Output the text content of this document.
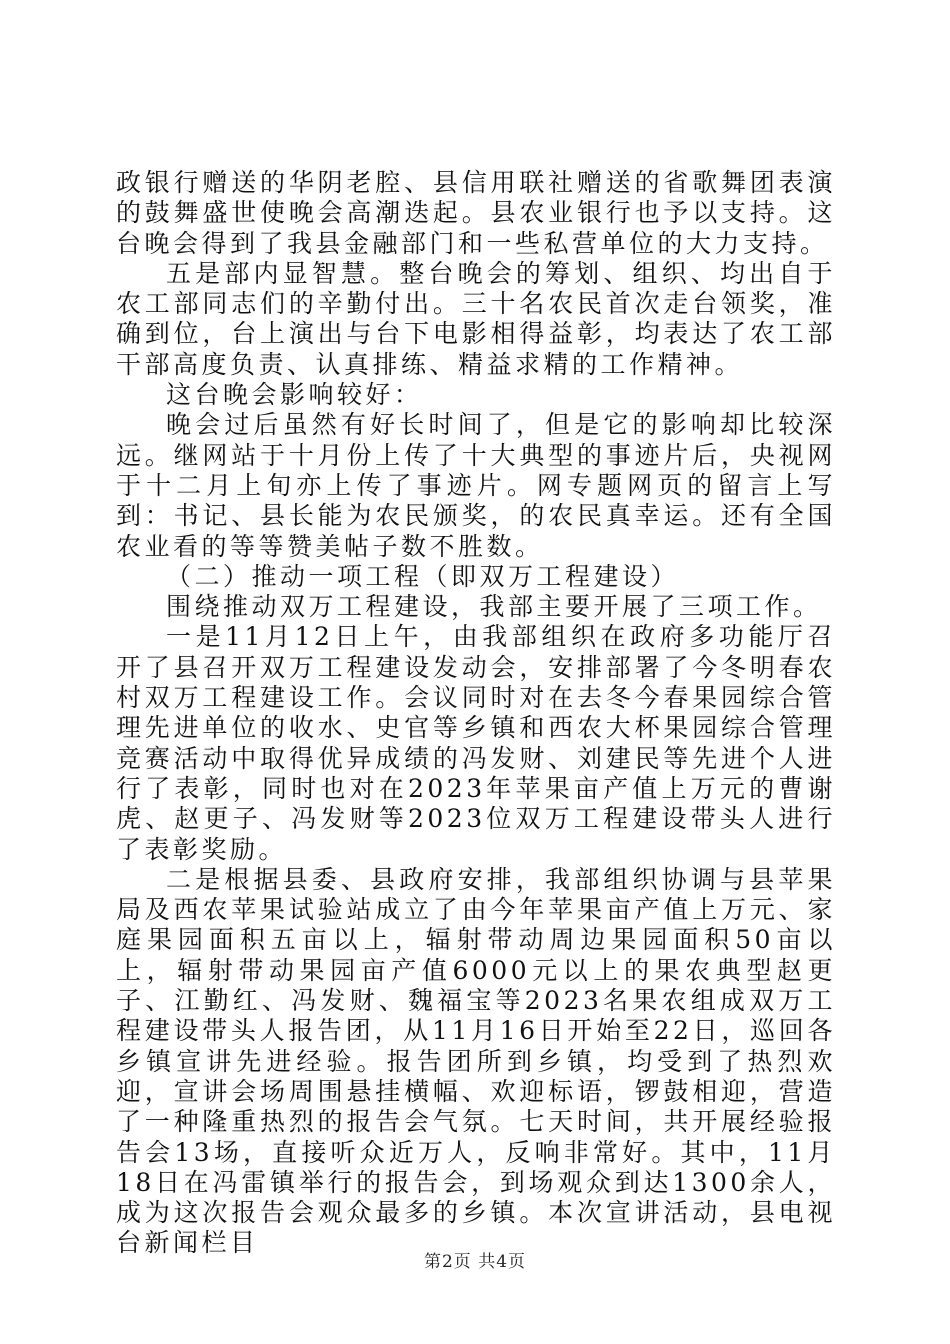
政银行赠送的华阴老腔、县信用联社赠送的省歌舞团表演的鼓舞盛世使晚会高潮迭起。县农业银行也予以支持。这台晚会得到了我县金融部门和一些私营单位的大力支持。

五是部内显智慧。整台晚会的筹划、组织、均出自于农工部同志们的辛勤付出。三十名农民首次走台领奖，准确到位，台上演出与台下电影相得益彰，均表达了农工部干部高度负责、认真排练、精益求精的工作精神。

这台晚会影响较好：

晚会过后虽然有好长时间了，但是它的影响却比较深远。继网站于十月份上传了十大典型的事迹片后，央视网于十二月上旬亦上传了事迹片。网专题网页的留言上写到：书记、县长能为农民颁奖，的农民真幸运。还有全国农业看的等等赞美帖子数不胜数。

（二）推动一项工程（即双万工程建设）

围绕推动双万工程建设，我部主要开展了三项工作。

一是11月12日上午，由我部组织在政府多功能厅召开了县召开双万工程建设发动会，安排部署了今冬明春农村双万工程建设工作。会议同时对在去冬今春果园综合管理先进单位的收水、史官等乡镇和西农大杯果园综合管理竞赛活动中取得优异成绩的冯发财、刘建民等先进个人进行了表彰，同时也对在2023年苹果亩产值上万元的曹谢虎、赵更子、冯发财等2023位双万工程建设带头人进行了表彰奖励。

二是根据县委、县政府安排，我部组织协调与县苹果局及西农苹果试验站成立了由今年苹果亩产值上万元、家庭果园面积五亩以上，辐射带动周边果园面积50亩以上，辐射带动果园亩产值6000元以上的果农典型赵更子、江勤红、冯发财、魏福宝等2023名果农组成双万工程建设带头人报告团，从11月16日开始至22日，巡回各乡镇宣讲先进经验。报告团所到乡镇，均受到了热烈欢迎，宣讲会场周围悬挂横幅、欢迎标语，锣鼓相迎，营造了一种隆重热烈的报告会气氛。七天时间，共开展经验报告会13场，直接听众近万人，反响非常好。其中，11月18日在冯雷镇举行的报告会，到场观众到达1300余人，成为这次报告会观众最多的乡镇。本次宣讲活动，县电视台新闻栏目

第2页 共4页
